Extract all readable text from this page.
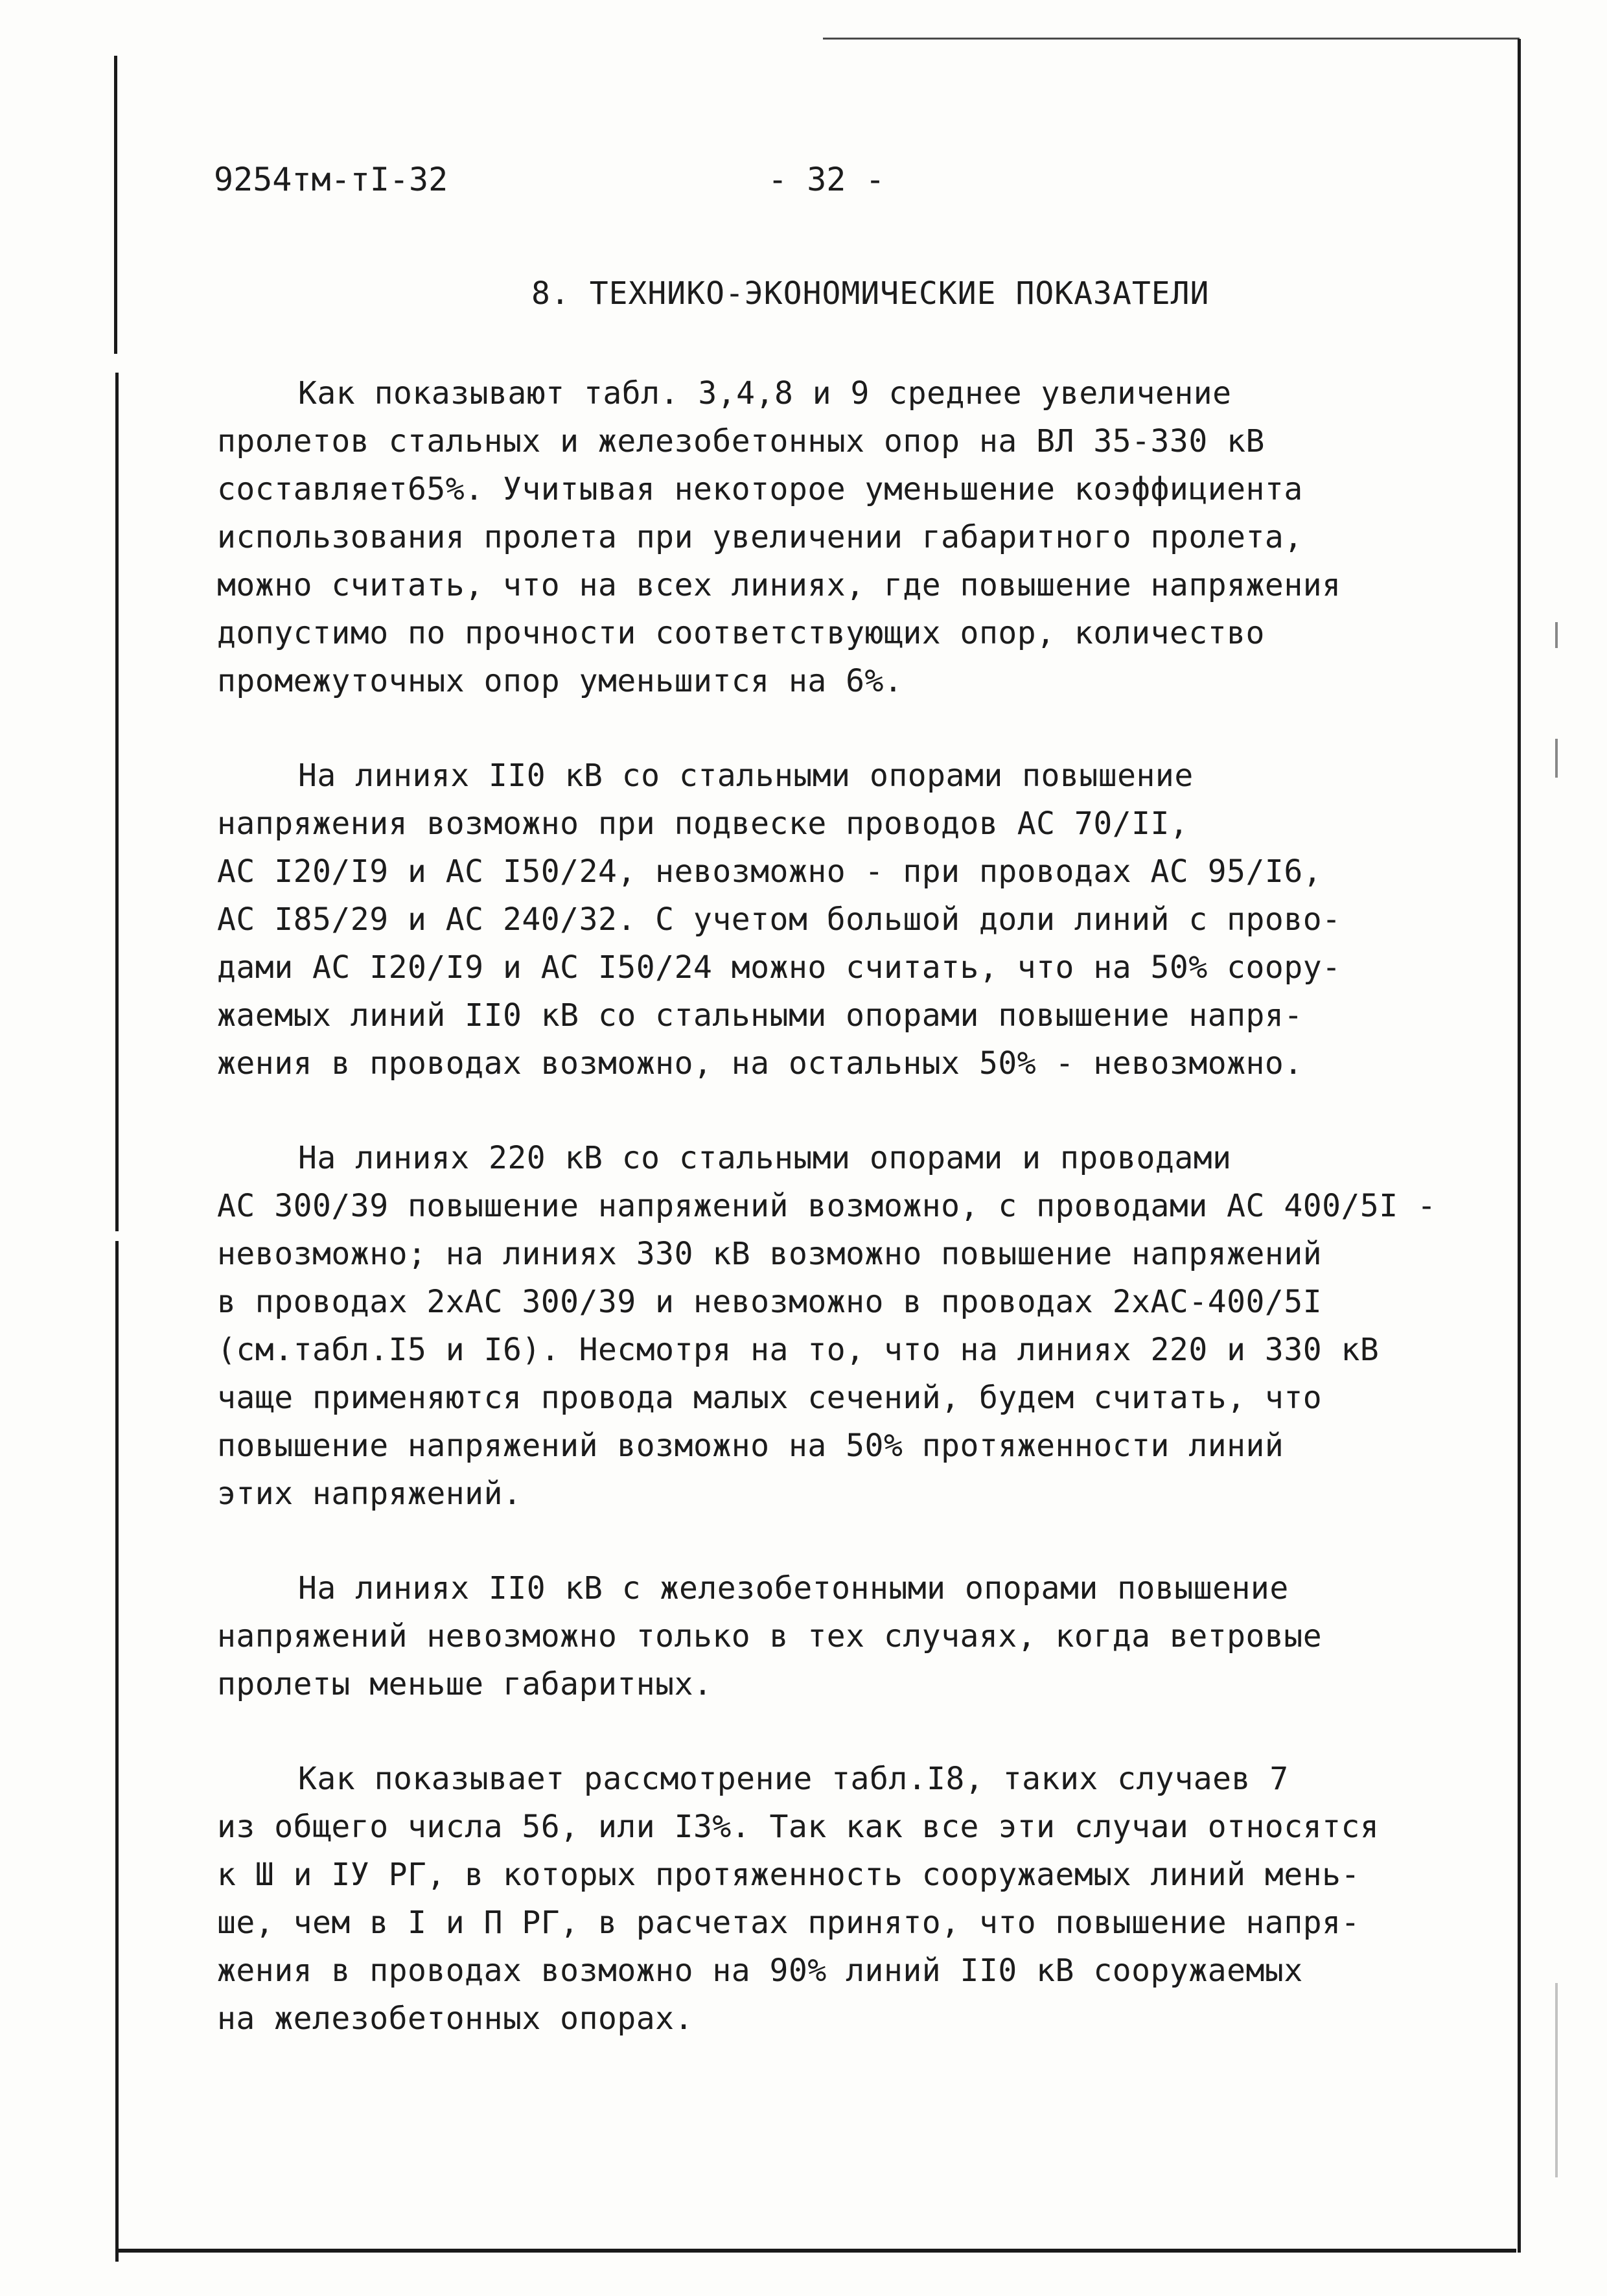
9254тм-тI-32	- 32 -
8. ТЕХНИКО-ЭКОНОМИЧЕСКИЕ ПОКАЗАТЕЛИ
Как показывают табл. 3,4,8 и 9 среднее увеличение
пролетов стальных и железобетонных опор на ВЛ 35-330 кВ
составляет65%. Учитывая некоторое уменьшение коэффициента
использования пролета при увеличении габаритного пролета,
можно считать, что на всех линиях, где повышение напряжения
допустимо по прочности соответствующих опор, количество
промежуточных опор уменьшится на 6%.
На линиях II0 кВ со стальными опорами повышение
напряжения возможно при подвеске проводов АС 70/II,
АС I20/I9 и АС I50/24, невозможно - при проводах АС 95/I6,
АС I85/29 и АС 240/32. С учетом большой доли линий с прово-
дами АС I20/I9 и АС I50/24 можно считать, что на 50% соору-
жаемых линий II0 кВ со стальными опорами повышение напря-
жения в проводах возможно, на остальных 50% - невозможно.
На линиях 220 кВ со стальными опорами и проводами
АС 300/39 повышение напряжений возможно, с проводами АС 400/5I -
невозможно; на линиях 330 кВ возможно повышение напряжений
в проводах 2хАС 300/39 и невозможно в проводах 2хАС-400/5I
(см.табл.I5 и I6). Несмотря на то, что на линиях 220 и 330 кВ
чаще применяются провода малых сечений, будем считать, что
повышение напряжений возможно на 50% протяженности линий
этих напряжений.
На линиях II0 кВ с железобетонными опорами повышение
напряжений невозможно только в тех случаях, когда ветровые
пролеты меньше габаритных.
Как показывает рассмотрение табл.I8, таких случаев 7
из общего числа 56, или I3%. Так как все эти случаи относятся
к Ш и IУ РГ, в которых протяженность сооружаемых линий мень-
ше, чем в I и П РГ, в расчетах принято, что повышение напря-
жения в проводах возможно на 90% линий II0 кВ сооружаемых
на железобетонных опорах.
